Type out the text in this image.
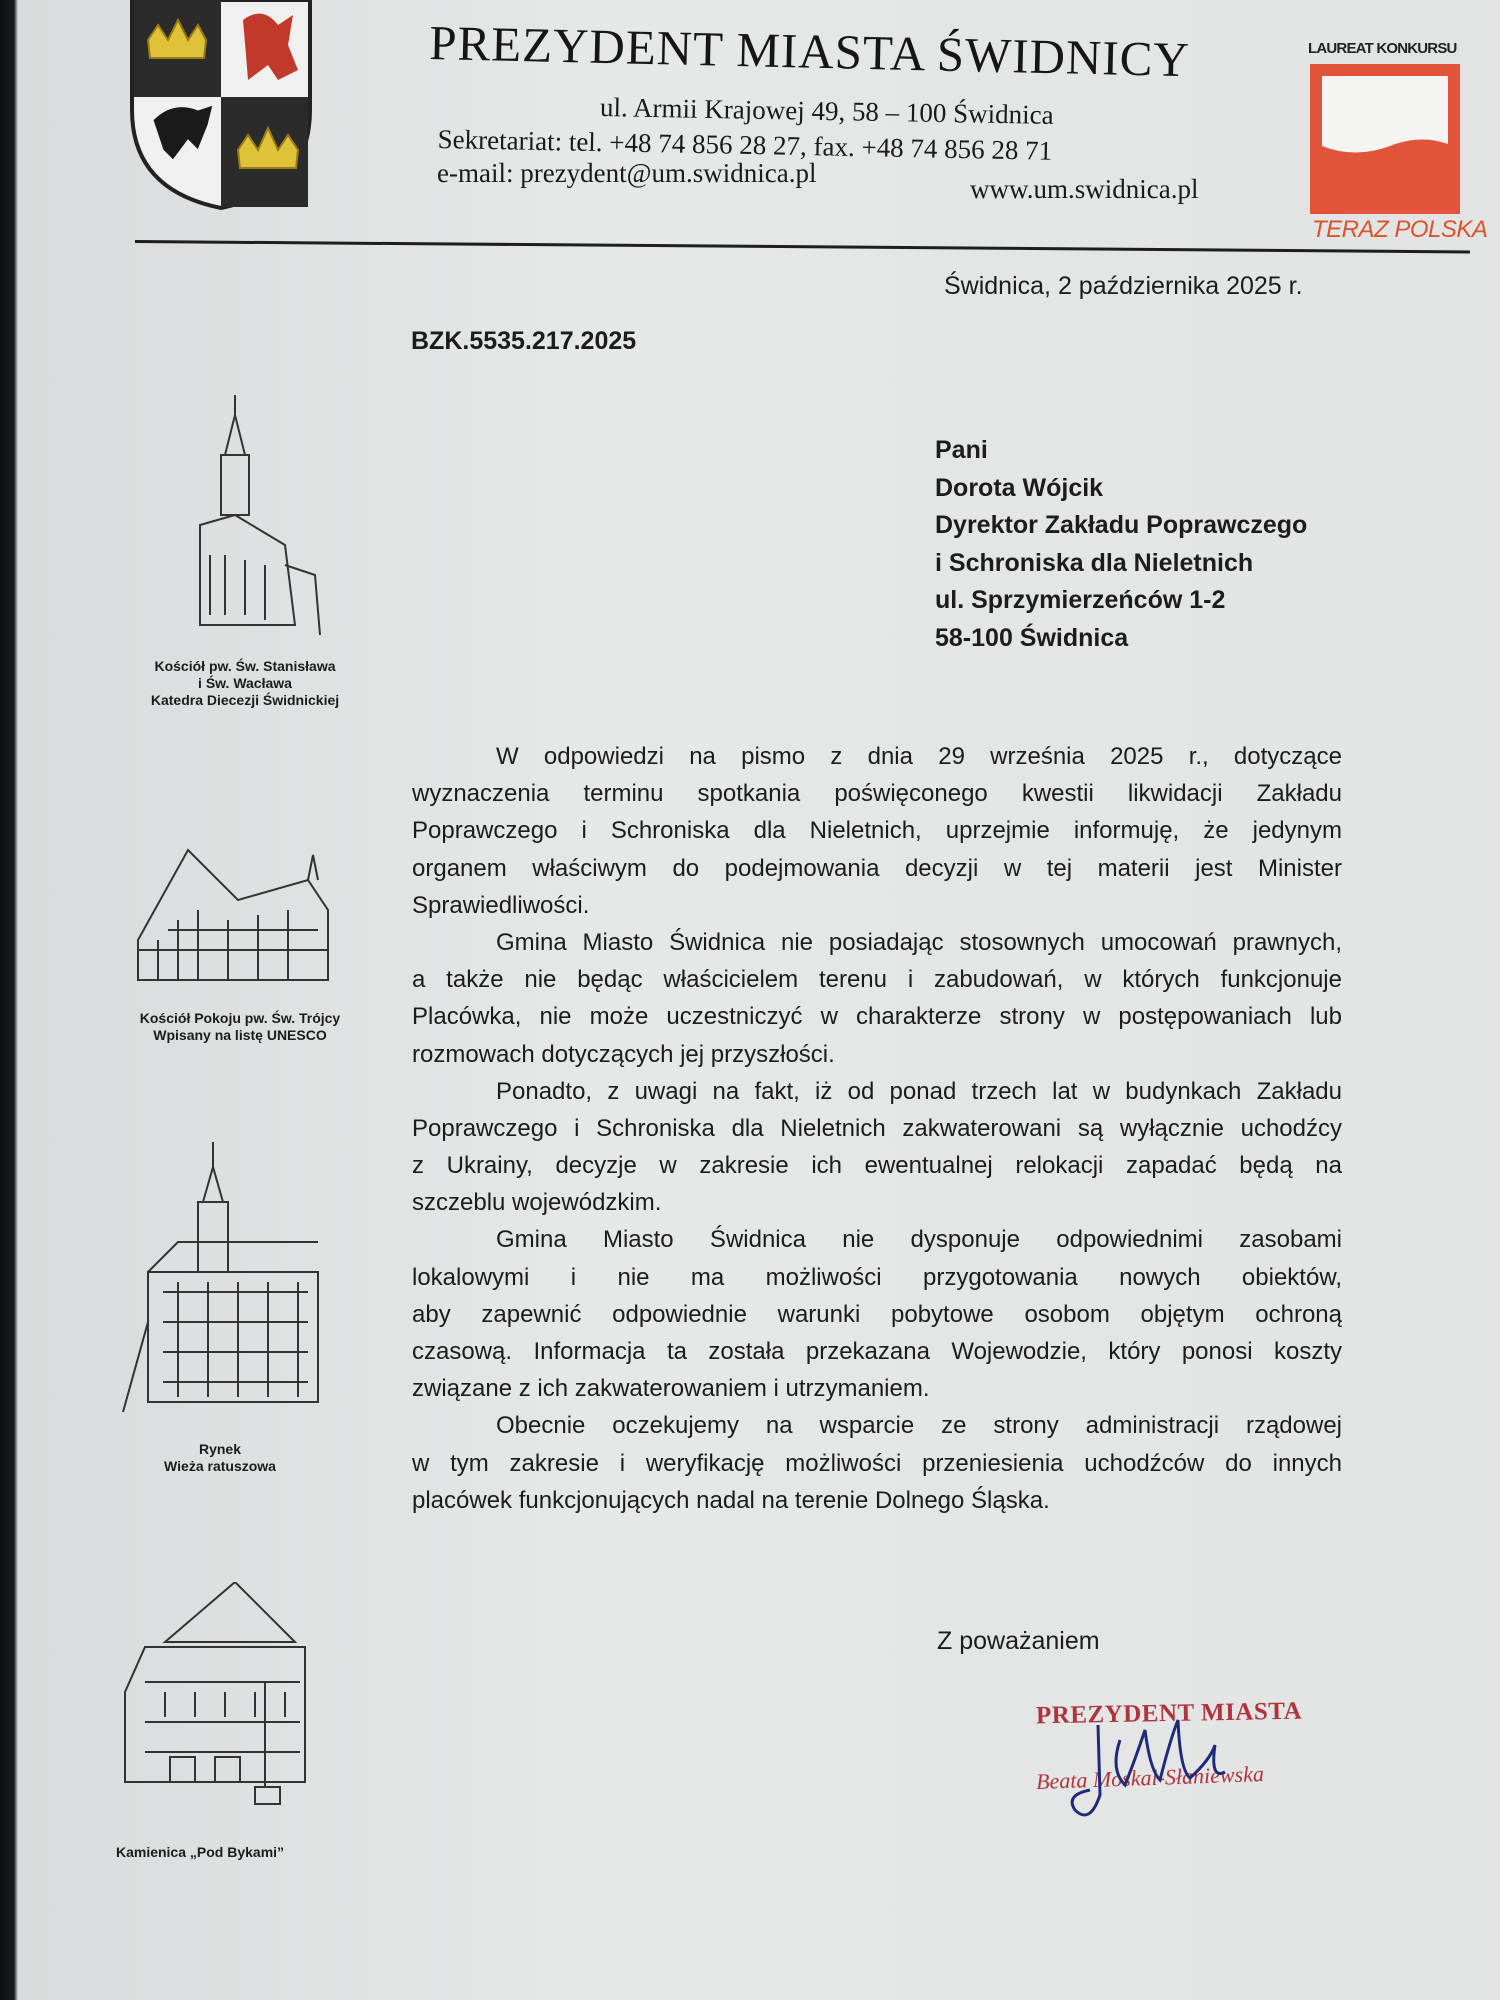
PREZYDENT MIASTA ŚWIDNICY
ul. Armii Krajowej 49, 58 – 100 Świdnica
Sekretariat: tel. +48 74 856 28 27, fax. +48 74 856 28 71
e-mail: prezydent@um.swidnica.pl
www.um.swidnica.pl
LAUREAT KONKURSU
TERAZ POLSKA
Świdnica, 2 października 2025 r.
BZK.5535.217.2025
Pani
Dorota Wójcik
Dyrektor Zakładu Poprawczego
i Schroniska dla Nieletnich
ul. Sprzymierzeńców 1-2
58-100 Świdnica
W odpowiedzi na pismo z dnia 29 września 2025 r., dotyczące
wyznaczenia terminu spotkania poświęconego kwestii likwidacji Zakładu
Poprawczego i Schroniska dla Nieletnich, uprzejmie informuję, że jedynym
organem właściwym do podejmowania decyzji w tej materii jest Minister
Sprawiedliwości.
Gmina Miasto Świdnica nie posiadając stosownych umocowań prawnych,
a także nie będąc właścicielem terenu i zabudowań, w których funkcjonuje
Placówka, nie może uczestniczyć w charakterze strony w postępowaniach lub
rozmowach dotyczących jej przyszłości.
Ponadto, z uwagi na fakt, iż od ponad trzech lat w budynkach Zakładu
Poprawczego i Schroniska dla Nieletnich zakwaterowani są wyłącznie uchodźcy
z Ukrainy, decyzje w zakresie ich ewentualnej relokacji zapadać będą na
szczeblu wojewódzkim.
Gmina Miasto Świdnica nie dysponuje odpowiednimi zasobami
lokalowymi i nie ma możliwości przygotowania nowych obiektów,
aby zapewnić odpowiednie warunki pobytowe osobom objętym ochroną
czasową. Informacja ta została przekazana Wojewodzie, który ponosi koszty
związane z ich zakwaterowaniem i utrzymaniem.
Obecnie oczekujemy na wsparcie ze strony administracji rządowej
w tym zakresie i weryfikację możliwości przeniesienia uchodźców do innych
placówek funkcjonujących nadal na terenie Dolnego Śląska.
Z poważaniem
PREZYDENT MIASTA
Beata Moskal-Słaniewska
Kościół pw. Św. Stanisława
i Św. Wacława
Katedra Diecezji Świdnickiej
Kościół Pokoju pw. Św. Trójcy
Wpisany na listę UNESCO
Rynek
Wieża ratuszowa
Kamienica „Pod Bykami”
